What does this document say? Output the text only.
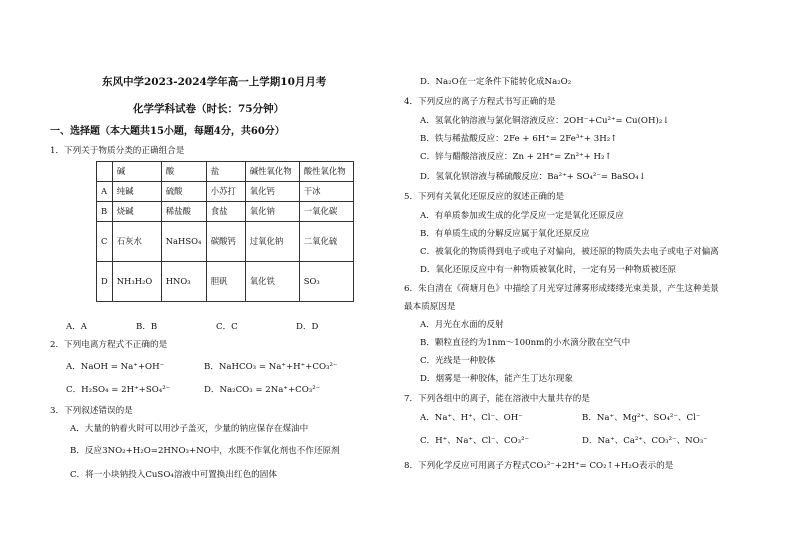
东风中学2023-2024学年高一上学期10月月考
化学学科试卷（时长：75分钟）
一、选择题（本大题共15小题，每题4分，共60分）
1．下列关于物质分类的正确组合是
	碱	酸	盐	碱性氧化物	酸性氧化物
A	纯碱	硫酸	小苏打	氧化钙	干冰
B	烧碱	稀盐酸	食盐	氧化钠	一氧化碳
C	石灰水	NaHSO₄	碳酸钙	过氧化钠	二氧化硫
D	NH₃H₂O	HNO₃	胆矾	氧化铁	SO₃
A．A	B．B	C．C	D．D
2．下列电离方程式不正确的是
A．NaOH = Na⁺+OH⁻	B．NaHCO₃ = Na⁺+H⁺+CO₃²⁻
C．H₂SO₄ = 2H⁺+SO₄²⁻	D．Na₂CO₃ = 2Na⁺+CO₃²⁻
3．下列叙述错误的是
A．大量的钠着火时可以用沙子盖灭，少量的钠应保存在煤油中
B．反应3NO₂+H₂O=2HNO₃+NO中，水既不作氧化剂也不作还原剂
C．将一小块钠投入CuSO₄溶液中可置换出红色的固体
D．Na₂O在一定条件下能转化成Na₂O₂
4．下列反应的离子方程式书写正确的是
A．氢氧化钠溶液与氯化铜溶液反应：2OH⁻+Cu²⁺= Cu(OH)₂↓
B．铁与稀盐酸反应：2Fe + 6H⁺= 2Fe³⁺+ 3H₂↑
C．锌与醋酸溶液反应：Zn + 2H⁺= Zn²⁺+ H₂↑
D．氢氧化钡溶液与稀硫酸反应：Ba²⁺+ SO₄²⁻= BaSO₄↓
5．下列有关氧化还原反应的叙述正确的是
A．有单质参加或生成的化学反应一定是氧化还原反应
B．有单质生成的分解反应属于氧化还原反应
C．被氧化的物质得到电子或电子对偏向，被还原的物质失去电子或电子对偏离
D．氧化还原反应中有一种物质被氧化时，一定有另一种物质被还原
6．朱自清在《荷塘月色》中描绘了月光穿过薄雾形成缕缕光束美景，产生这种美景
最本质原因是
A．月光在水面的反射
B．颗粒直径约为1nm～100nm的小水滴分散在空气中
C．光线是一种胶体
D．烟雾是一种胶体，能产生丁达尔现象
7．下列各组中的离子，能在溶液中大量共存的是
A．Na⁺、H⁺、Cl⁻、OH⁻	B．Na⁺、Mg²⁺、SO₄²⁻、Cl⁻
C．H⁺、Na⁺、Cl⁻、CO₃²⁻	D．Na⁺、Ca²⁺、CO₃²⁻、NO₃⁻
8．下列化学反应可用离子方程式CO₃²⁻+2H⁺= CO₂↑+H₂O表示的是
